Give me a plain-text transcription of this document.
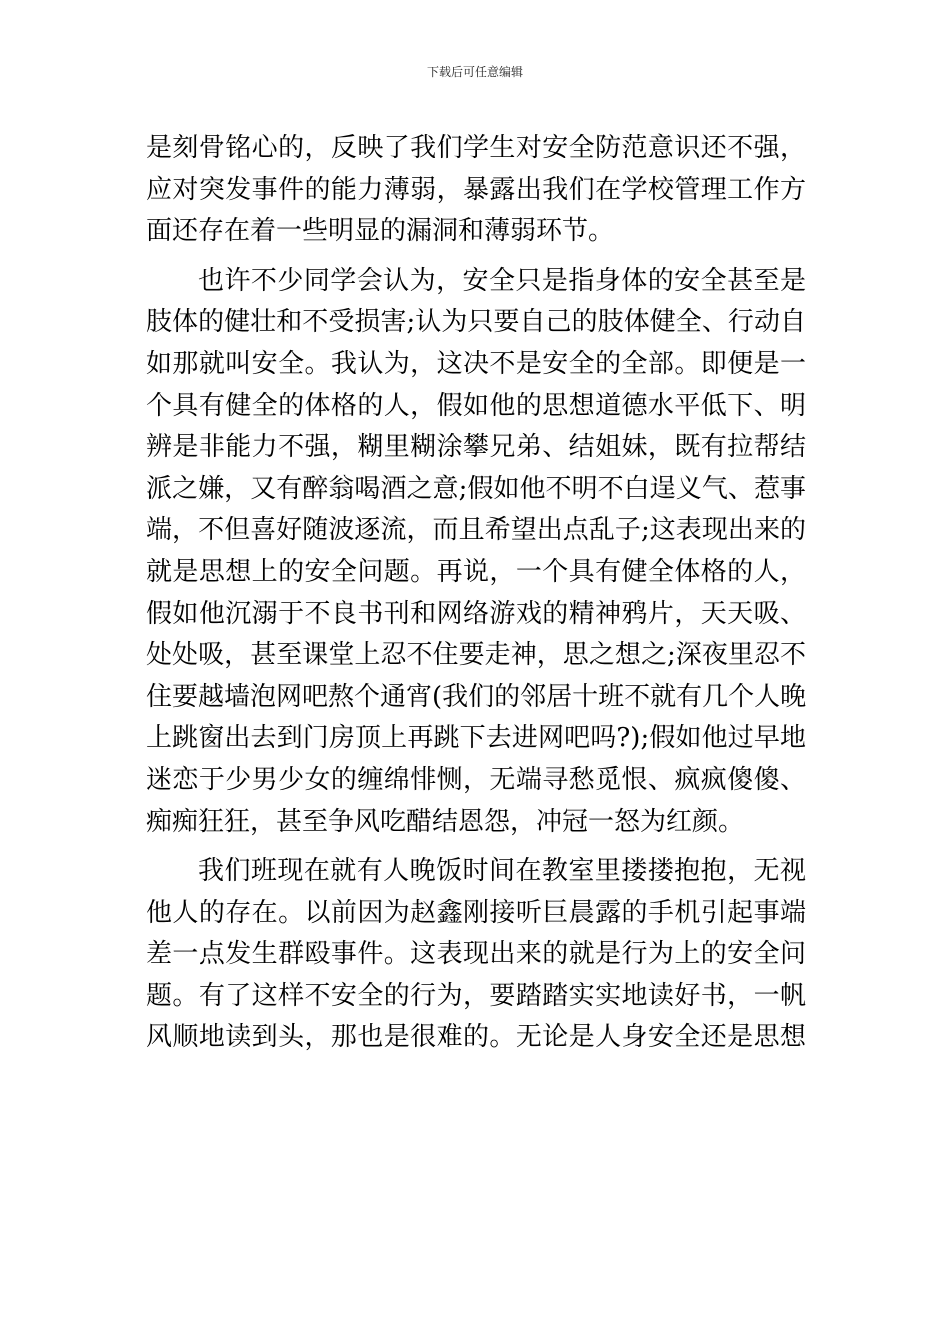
下载后可任意编辑
是刻骨铭心的，反映了我们学生对安全防范意识还不强，
应对突发事件的能力薄弱，暴露出我们在学校管理工作方
面还存在着一些明显的漏洞和薄弱环节。
也许不少同学会认为，安全只是指身体的安全甚至是
肢体的健壮和不受损害;认为只要自己的肢体健全、行动自
如那就叫安全。我认为，这决不是安全的全部。即便是一
个具有健全的体格的人，假如他的思想道德水平低下、明
辨是非能力不强，糊里糊涂攀兄弟、结姐妹，既有拉帮结
派之嫌，又有醉翁喝酒之意;假如他不明不白逞义气、惹事
端，不但喜好随波逐流，而且希望出点乱子;这表现出来的
就是思想上的安全问题。再说，一个具有健全体格的人，
假如他沉溺于不良书刊和网络游戏的精神鸦片，天天吸、
处处吸，甚至课堂上忍不住要走神，思之想之;深夜里忍不
住要越墙泡网吧熬个通宵(我们的邻居十班不就有几个人晚
上跳窗出去到门房顶上再跳下去进网吧吗?);假如他过早地
迷恋于少男少女的缠绵悱恻，无端寻愁觅恨、疯疯傻傻、
痴痴狂狂，甚至争风吃醋结恩怨，冲冠一怒为红颜。
我们班现在就有人晚饭时间在教室里搂搂抱抱，无视
他人的存在。以前因为赵鑫刚接听巨晨露的手机引起事端
差一点发生群殴事件。这表现出来的就是行为上的安全问
题。有了这样不安全的行为，要踏踏实实地读好书，一帆
风顺地读到头，那也是很难的。无论是人身安全还是思想
